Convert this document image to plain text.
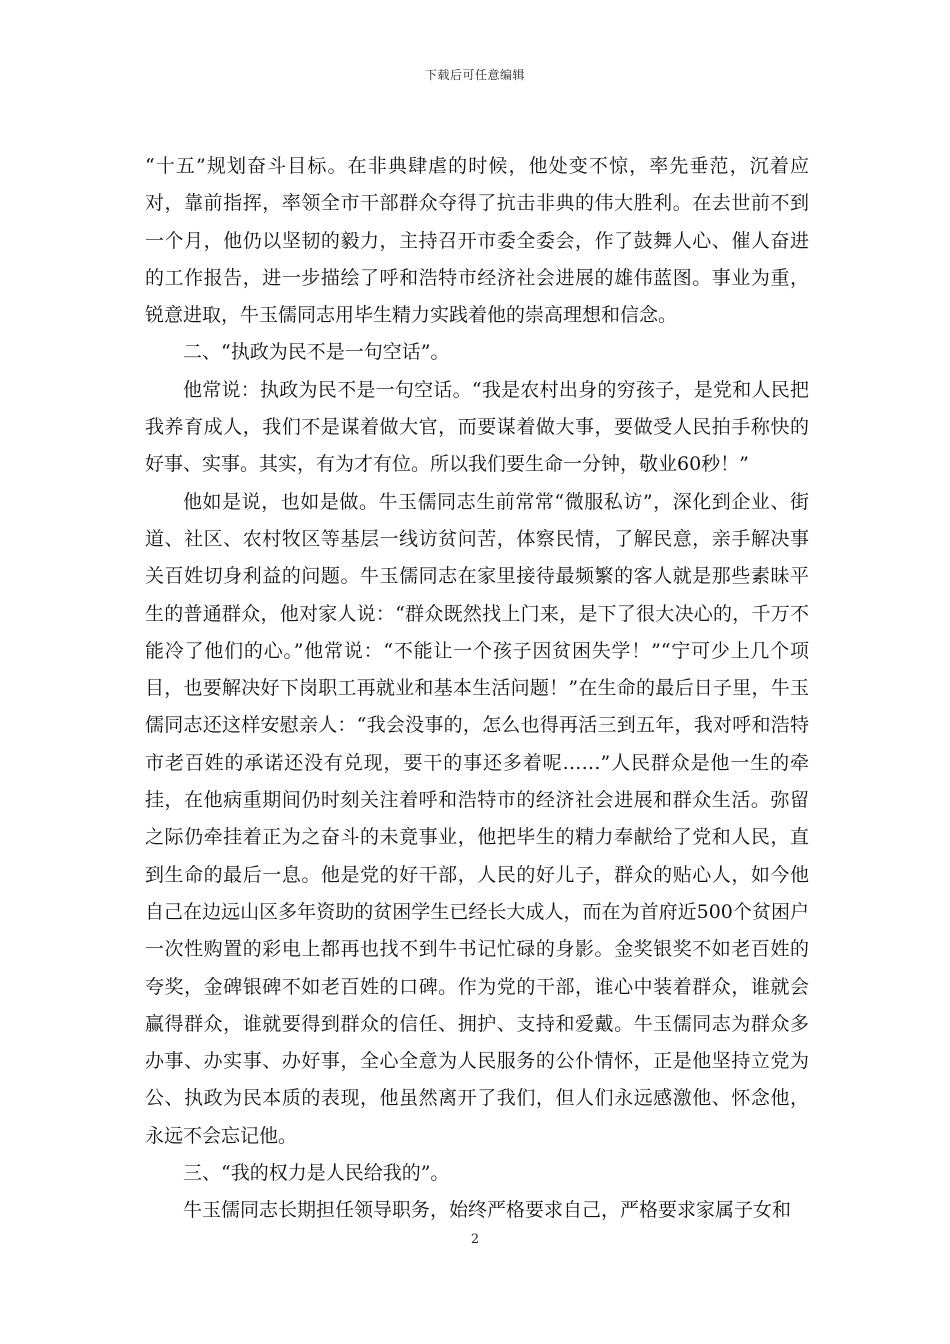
下载后可任意编辑

“十五”规划奋斗目标。在非典肆虐的时候，他处变不惊，率先垂范，沉着应对，靠前指挥，率领全市干部群众夺得了抗击非典的伟大胜利。在去世前不到一个月，他仍以坚韧的毅力，主持召开市委全委会，作了鼓舞人心、催人奋进的工作报告，进一步描绘了呼和浩特市经济社会进展的雄伟蓝图。事业为重，锐意进取，牛玉儒同志用毕生精力实践着他的崇高理想和信念。

二、“执政为民不是一句空话”。

他常说：执政为民不是一句空话。“我是农村出身的穷孩子，是党和人民把我养育成人，我们不是谋着做大官，而要谋着做大事，要做受人民拍手称快的好事、实事。其实，有为才有位。所以我们要生命一分钟，敬业60秒！”

他如是说，也如是做。牛玉儒同志生前常常“微服私访”，深化到企业、街道、社区、农村牧区等基层一线访贫问苦，体察民情，了解民意，亲手解决事关百姓切身利益的问题。牛玉儒同志在家里接待最频繁的客人就是那些素昧平生的普通群众，他对家人说：“群众既然找上门来，是下了很大决心的，千万不能冷了他们的心。”他常说：“不能让一个孩子因贫困失学！”“宁可少上几个项目，也要解决好下岗职工再就业和基本生活问题！”在生命的最后日子里，牛玉儒同志还这样安慰亲人：“我会没事的，怎么也得再活三到五年，我对呼和浩特市老百姓的承诺还没有兑现，要干的事还多着呢……”人民群众是他一生的牵挂，在他病重期间仍时刻关注着呼和浩特市的经济社会进展和群众生活。弥留之际仍牵挂着正为之奋斗的未竟事业，他把毕生的精力奉献给了党和人民，直到生命的最后一息。他是党的好干部，人民的好儿子，群众的贴心人，如今他自己在边远山区多年资助的贫困学生已经长大成人，而在为首府近500个贫困户一次性购置的彩电上都再也找不到牛书记忙碌的身影。金奖银奖不如老百姓的夸奖，金碑银碑不如老百姓的口碑。作为党的干部，谁心中装着群众，谁就会赢得群众，谁就要得到群众的信任、拥护、支持和爱戴。牛玉儒同志为群众多办事、办实事、办好事，全心全意为人民服务的公仆情怀，正是他坚持立党为公、执政为民本质的表现，他虽然离开了我们，但人们永远感激他、怀念他，永远不会忘记他。

三、“我的权力是人民给我的”。

牛玉儒同志长期担任领导职务，始终严格要求自己，严格要求家属子女和

2
